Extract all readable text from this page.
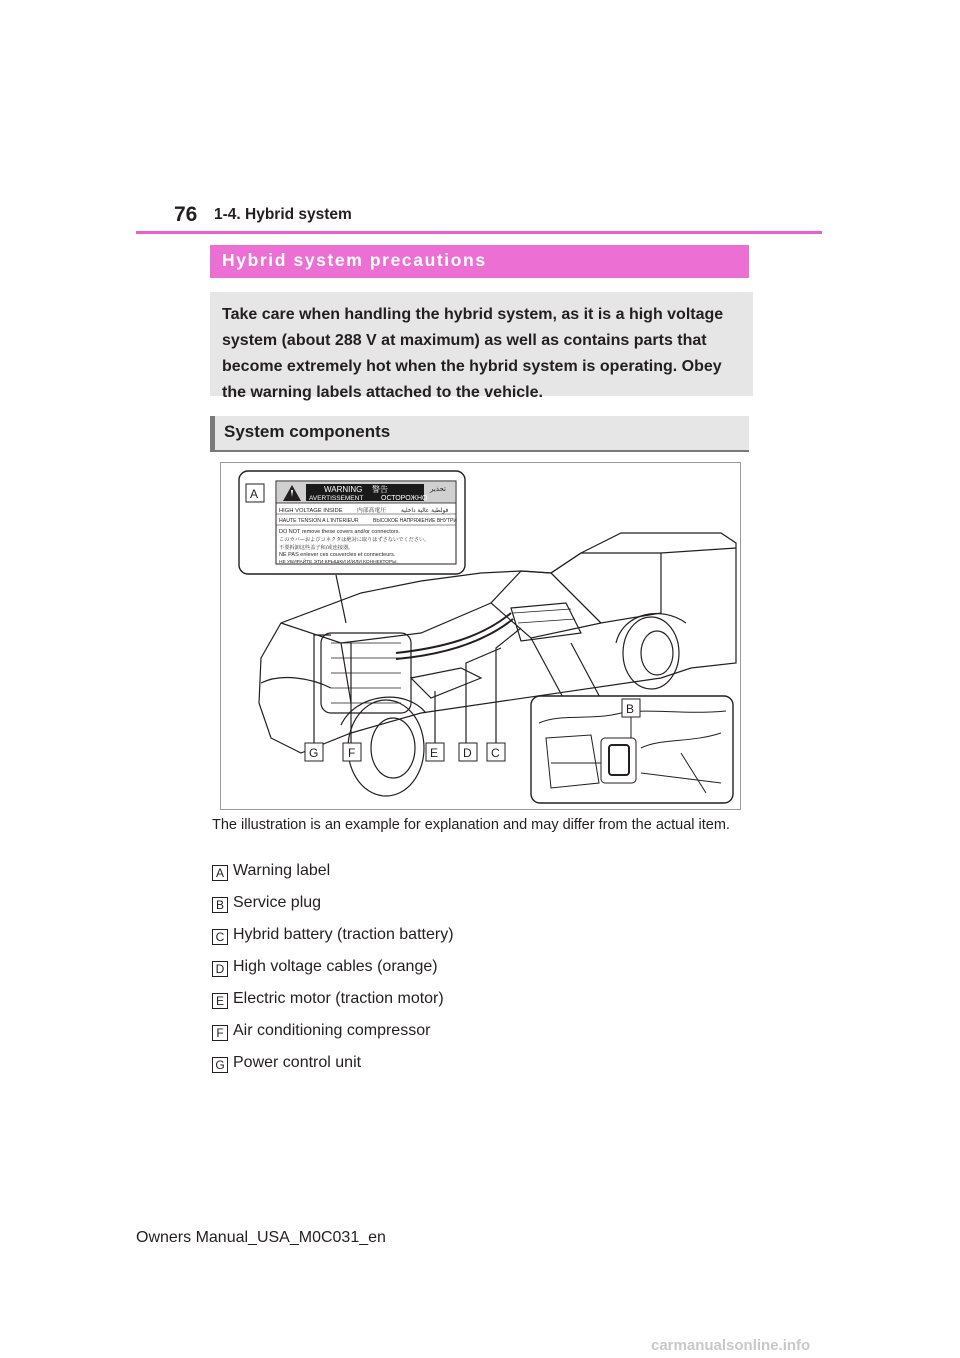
76 1-4. Hybrid system
Hybrid system precautions
Take care when handling the hybrid system, as it is a high voltage system (about 288 V at maximum) as well as contains parts that become extremely hot when the hybrid system is operating. Obey the warning labels attached to the vehicle.
System components
WARNING 警告	تحذير
AVERTISSEMENT	ОСТОРОЖНО
HIGH VOLTAGE INSIDE 内部高電圧	فولطية عالية داخلية
HAUTE TENSION A L'INTERIEUR	ВЫСОКОЕ НАПРЯЖЕНИЕ ВНУТРИ
DO NOT remove these covers and/or connectors.
このカバーおよびコネクタは絶対に取りはずさないでください。
不要拆卸这些盖子和/或连接器。
NE PAS enlever ces couvercles et connecteurs.
НЕ УБИРАЙТЕ ЭТИ КРЫШКИ И/ИЛИ КОННЕКТОРЫ.
A
B
C
D
E
F
G
The illustration is an example for explanation and may differ from the actual item.
A Warning label
B Service plug
C Hybrid battery (traction battery)
D High voltage cables (orange)
E Electric motor (traction motor)
F Air conditioning compressor
G Power control unit
Owners Manual_USA_M0C031_en
carmanualsonline.info
